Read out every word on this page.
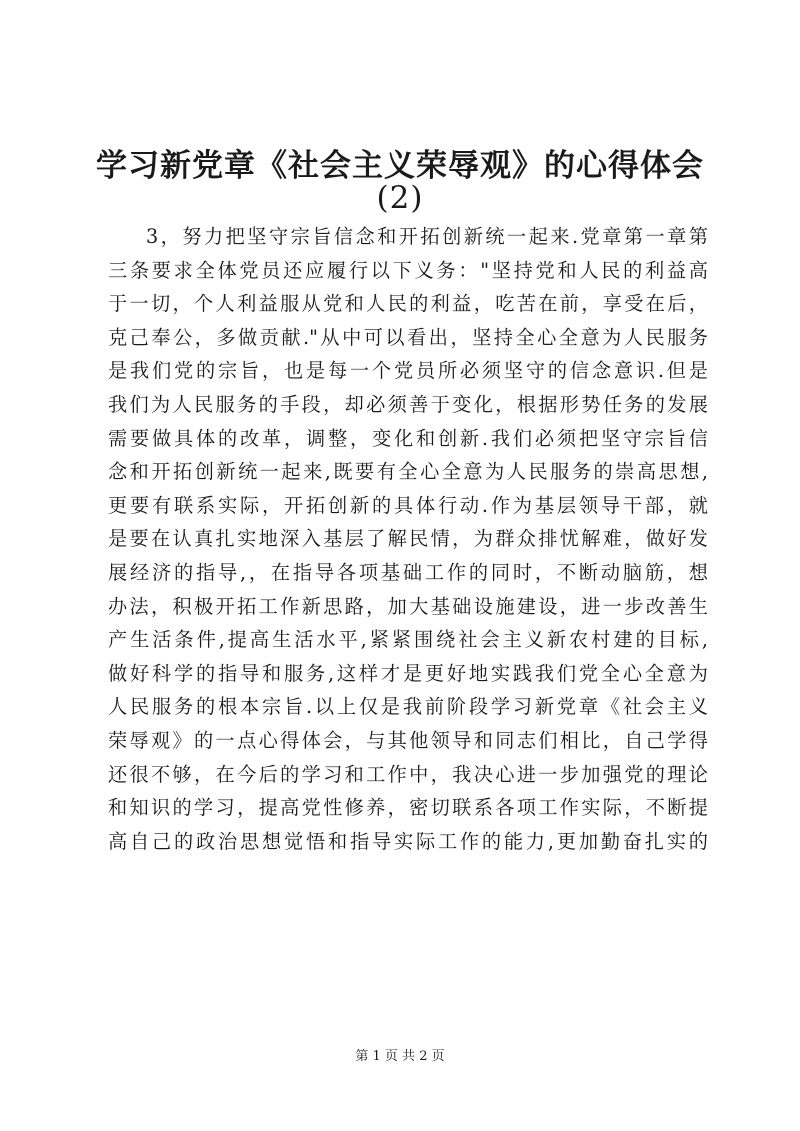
学习新党章《社会主义荣辱观》的心得体会
(2)
3，努力把坚守宗旨信念和开拓创新统一起来.党章第一章第
三条要求全体党员还应履行以下义务："坚持党和人民的利益高
于一切，个人利益服从党和人民的利益，吃苦在前，享受在后，
克己奉公，多做贡献."从中可以看出，坚持全心全意为人民服务
是我们党的宗旨，也是每一个党员所必须坚守的信念意识.但是
我们为人民服务的手段，却必须善于变化，根据形势任务的发展
需要做具体的改革，调整，变化和创新.我们必须把坚守宗旨信
念和开拓创新统一起来,既要有全心全意为人民服务的崇高思想,
更要有联系实际，开拓创新的具体行动.作为基层领导干部，就
是要在认真扎实地深入基层了解民情，为群众排忧解难，做好发
展经济的指导,，在指导各项基础工作的同时，不断动脑筋，想
办法，积极开拓工作新思路，加大基础设施建设，进一步改善生
产生活条件,提高生活水平,紧紧围绕社会主义新农村建的目标,
做好科学的指导和服务,这样才是更好地实践我们党全心全意为
人民服务的根本宗旨.以上仅是我前阶段学习新党章《社会主义
荣辱观》的一点心得体会，与其他领导和同志们相比，自己学得
还很不够，在今后的学习和工作中，我决心进一步加强党的理论
和知识的学习，提高党性修养，密切联系各项工作实际，不断提
高自己的政治思想觉悟和指导实际工作的能力,更加勤奋扎实的
第 1 页 共 2 页
